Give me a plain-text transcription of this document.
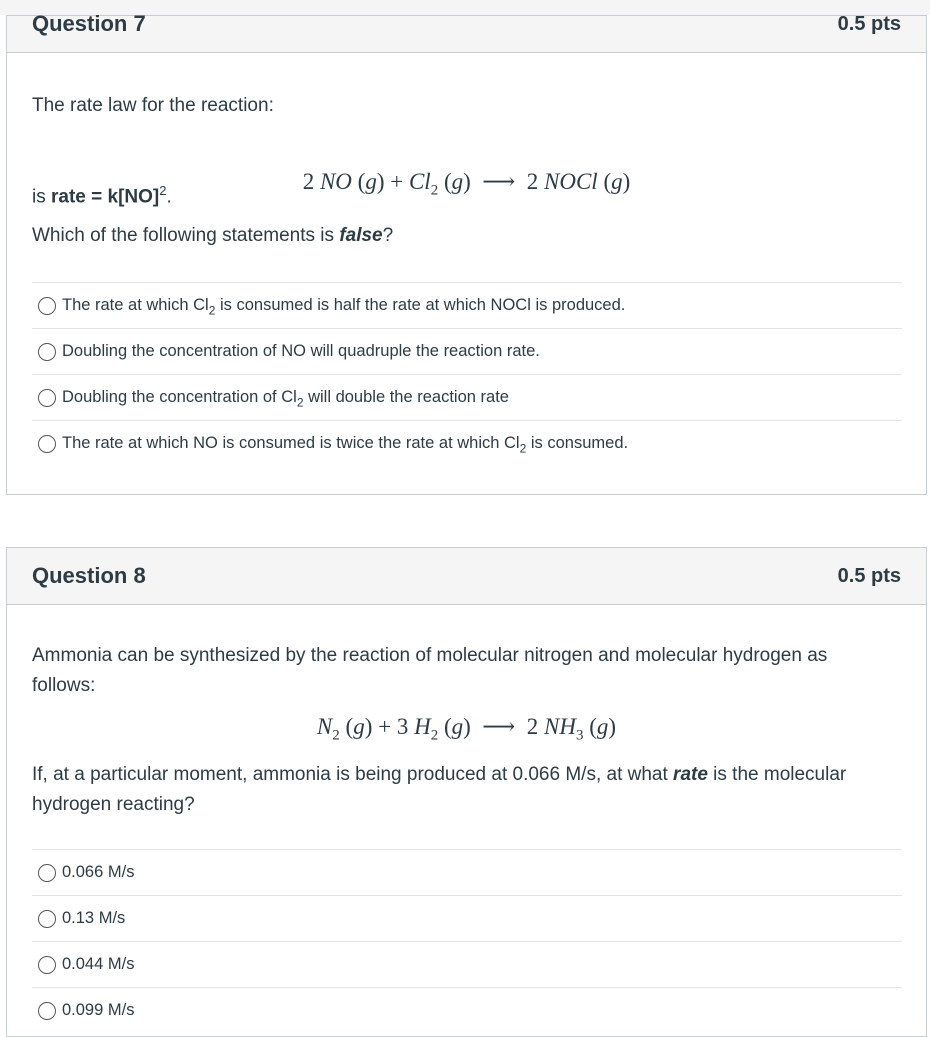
Question 7	0.5 pts
The rate law for the reaction:
2 NO $(g) + Cl_2$ (g)  ⟶  2 NOCl (g)
is rate = k[NO]$^2$.
Which of the following statements is false?
The rate at which $Cl_2$ is consumed is half the rate at which NOCl is produced.
Doubling the concentration of NO will quadruple the reaction rate.
Doubling the concentration of $Cl_2$ will double the reaction rate
The rate at which NO is consumed is twice the rate at which $Cl_2$ is consumed.
Question 8	0.5 pts
Ammonia can be synthesized by the reaction of molecular nitrogen and molecular hydrogen as
follows:
$N_2$ (g) + 3 $H_2$ (g)  ⟶  2 $NH_3$ (g)
If, at a particular moment, ammonia is being produced at 0.066 M/s, at what rate is the molecular
hydrogen reacting?
0.066 M/s
0.13 M/s
0.044 M/s
0.099 M/s
